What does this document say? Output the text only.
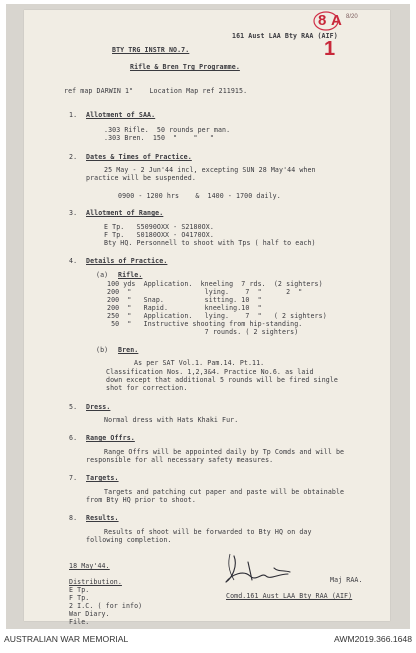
8 A 8/20
1
161 Aust LAA Bty RAA (AIF)
BTY TRG INSTR NO.7.
Rifle & Bren Trg Programme.
ref map DARWIN 1"    Location Map ref 211915.
1. Allotment of SAA.
.303 Rifle.  50 rounds per man.
.303 Bren.  150  "    "   "
2. Dates & Times of Practice.
25 May - 2 Jun'44 incl, excepting SUN 28 May'44 when
practice will be suspended.
0900 - 1200 hrs    &  1400 - 1700 daily.
3. Allotment of Range.
E Tp.   S5090OXX - S2180OX.
F Tp.   S0180OXX - O4170OX.
Bty HQ. Personnell to shoot with Tps ( half to each)
4. Details of Practice.
(a) Rifle.
100 yds  Application.  kneeling  7 rds.  (2 sighters)
200  "                  lying.    7  "      2  "
200  "   Snap.          sitting. 10  "
200  "   Rapid.         kneeling.10  "
250  "   Application.   lying.    7  "   ( 2 sighters)
50  "   Instructive shooting from hip-standing.
7 rounds. ( 2 sighters)
(b) Bren.
As per SAT Vol.1. Pam.14. Pt.11.
Classification Nos. 1,2,3&4. Practice No.6. as laid
down except that additional 5 rounds will be fired single
shot for correction.
5. Dress.
Normal dress with Hats Khaki Fur.
6. Range Offrs.
Range Offrs will be appointed daily by Tp Comds and will be
responsible for all necessary safety measures.
7. Targets.
Targets and patching cut paper and paste will be obtainable
from Bty HQ prior to shoot.
8. Results.
Results of shoot will be forwarded to Bty HQ on day
following completion.
18 May'44.
Distribution.
E Tp.
F Tp.
2 I.C. ( for info)
War Diary.
File.
Maj RAA.
Comd.161 Aust LAA Bty RAA (AIF)
AUSTRALIAN WAR MEMORIAL	AWM2019.366.1648
